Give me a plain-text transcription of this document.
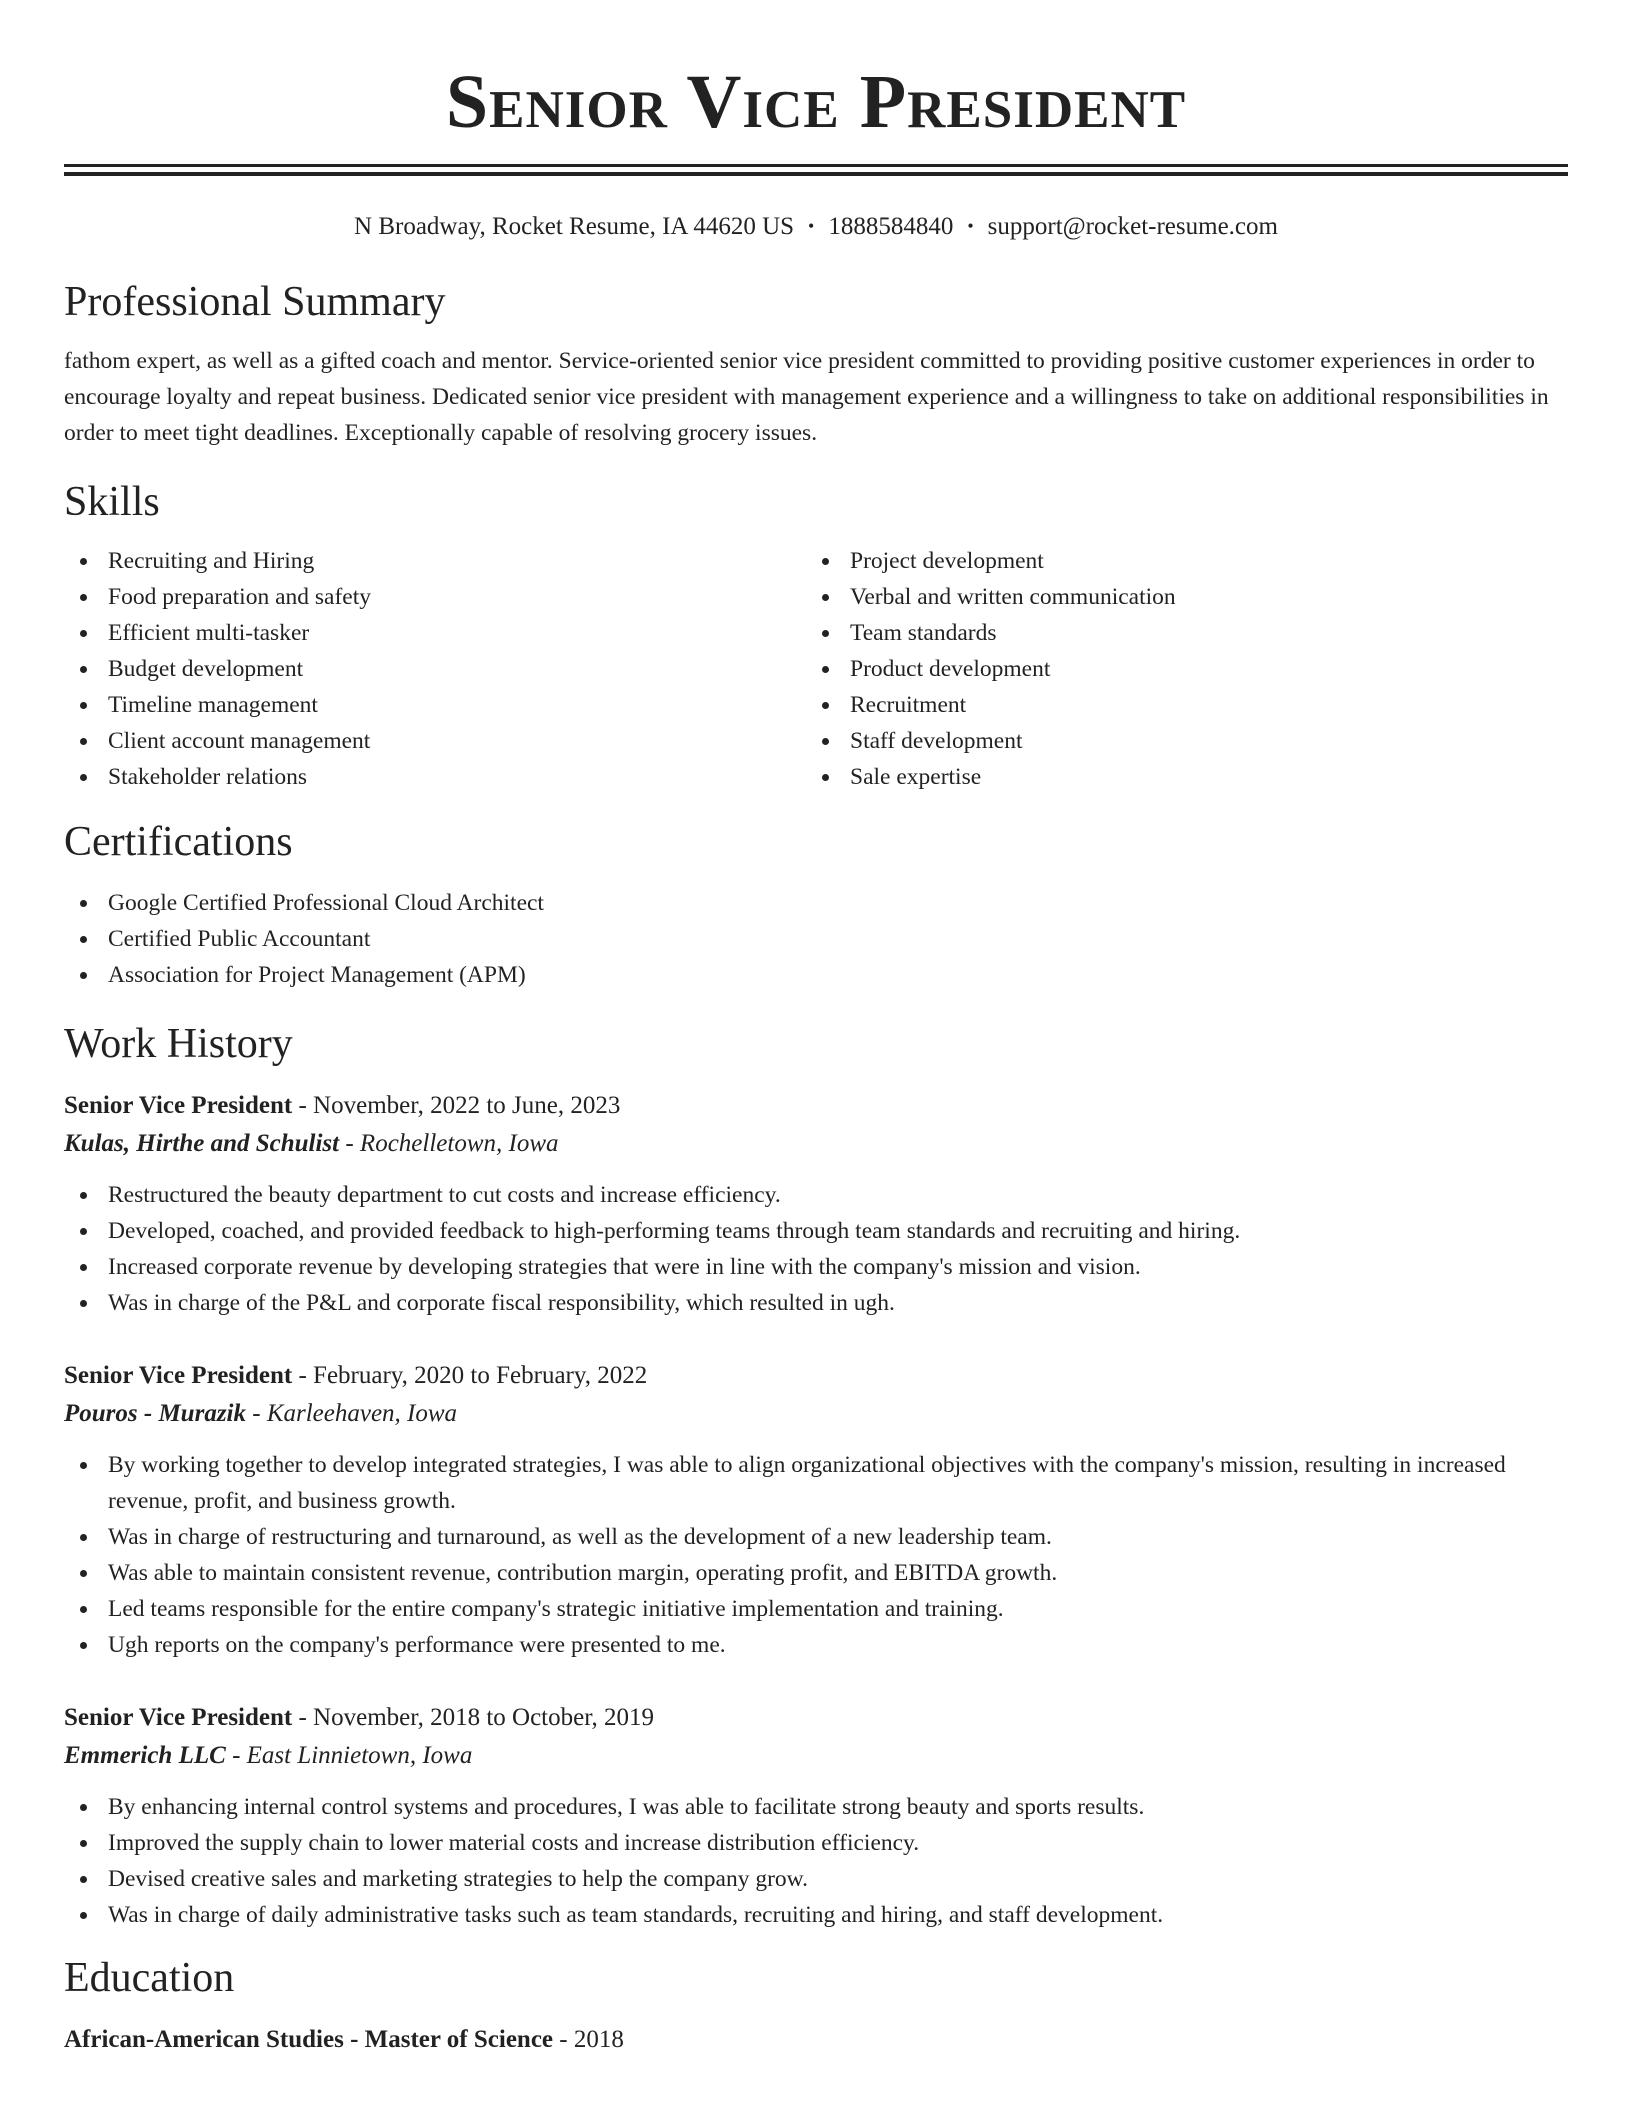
Senior Vice President
N Broadway, Rocket Resume, IA 44620 US • 1888584840 • support@rocket-resume.com
Professional Summary

fathom expert, as well as a gifted coach and mentor. Service-oriented senior vice president committed to providing positive customer experiences in order to encourage loyalty and repeat business. Dedicated senior vice president with management experience and a willingness to take on additional responsibilities in order to meet tight deadlines. Exceptionally capable of resolving grocery issues.

Skills
Recruiting and Hiring
Food preparation and safety
Efficient multi-tasker
Budget development
Timeline management
Client account management
Stakeholder relations
Project development
Verbal and written communication
Team standards
Product development
Recruitment
Staff development
Sale expertise
Certifications
Google Certified Professional Cloud Architect
Certified Public Accountant
Association for Project Management (APM)
Work History
Senior Vice President - November, 2022 to June, 2023
Kulas, Hirthe and Schulist - Rochelletown, Iowa
Restructured the beauty department to cut costs and increase efficiency.
Developed, coached, and provided feedback to high-performing teams through team standards and recruiting and hiring.
Increased corporate revenue by developing strategies that were in line with the company's mission and vision.
Was in charge of the P&L and corporate fiscal responsibility, which resulted in ugh.
Senior Vice President - February, 2020 to February, 2022
Pouros - Murazik - Karleehaven, Iowa
By working together to develop integrated strategies, I was able to align organizational objectives with the company's mission, resulting in increased revenue, profit, and business growth.
Was in charge of restructuring and turnaround, as well as the development of a new leadership team.
Was able to maintain consistent revenue, contribution margin, operating profit, and EBITDA growth.
Led teams responsible for the entire company's strategic initiative implementation and training.
Ugh reports on the company's performance were presented to me.
Senior Vice President - November, 2018 to October, 2019
Emmerich LLC - East Linnietown, Iowa
By enhancing internal control systems and procedures, I was able to facilitate strong beauty and sports results.
Improved the supply chain to lower material costs and increase distribution efficiency.
Devised creative sales and marketing strategies to help the company grow.
Was in charge of daily administrative tasks such as team standards, recruiting and hiring, and staff development.
Education
African-American Studies - Master of Science - 2018
